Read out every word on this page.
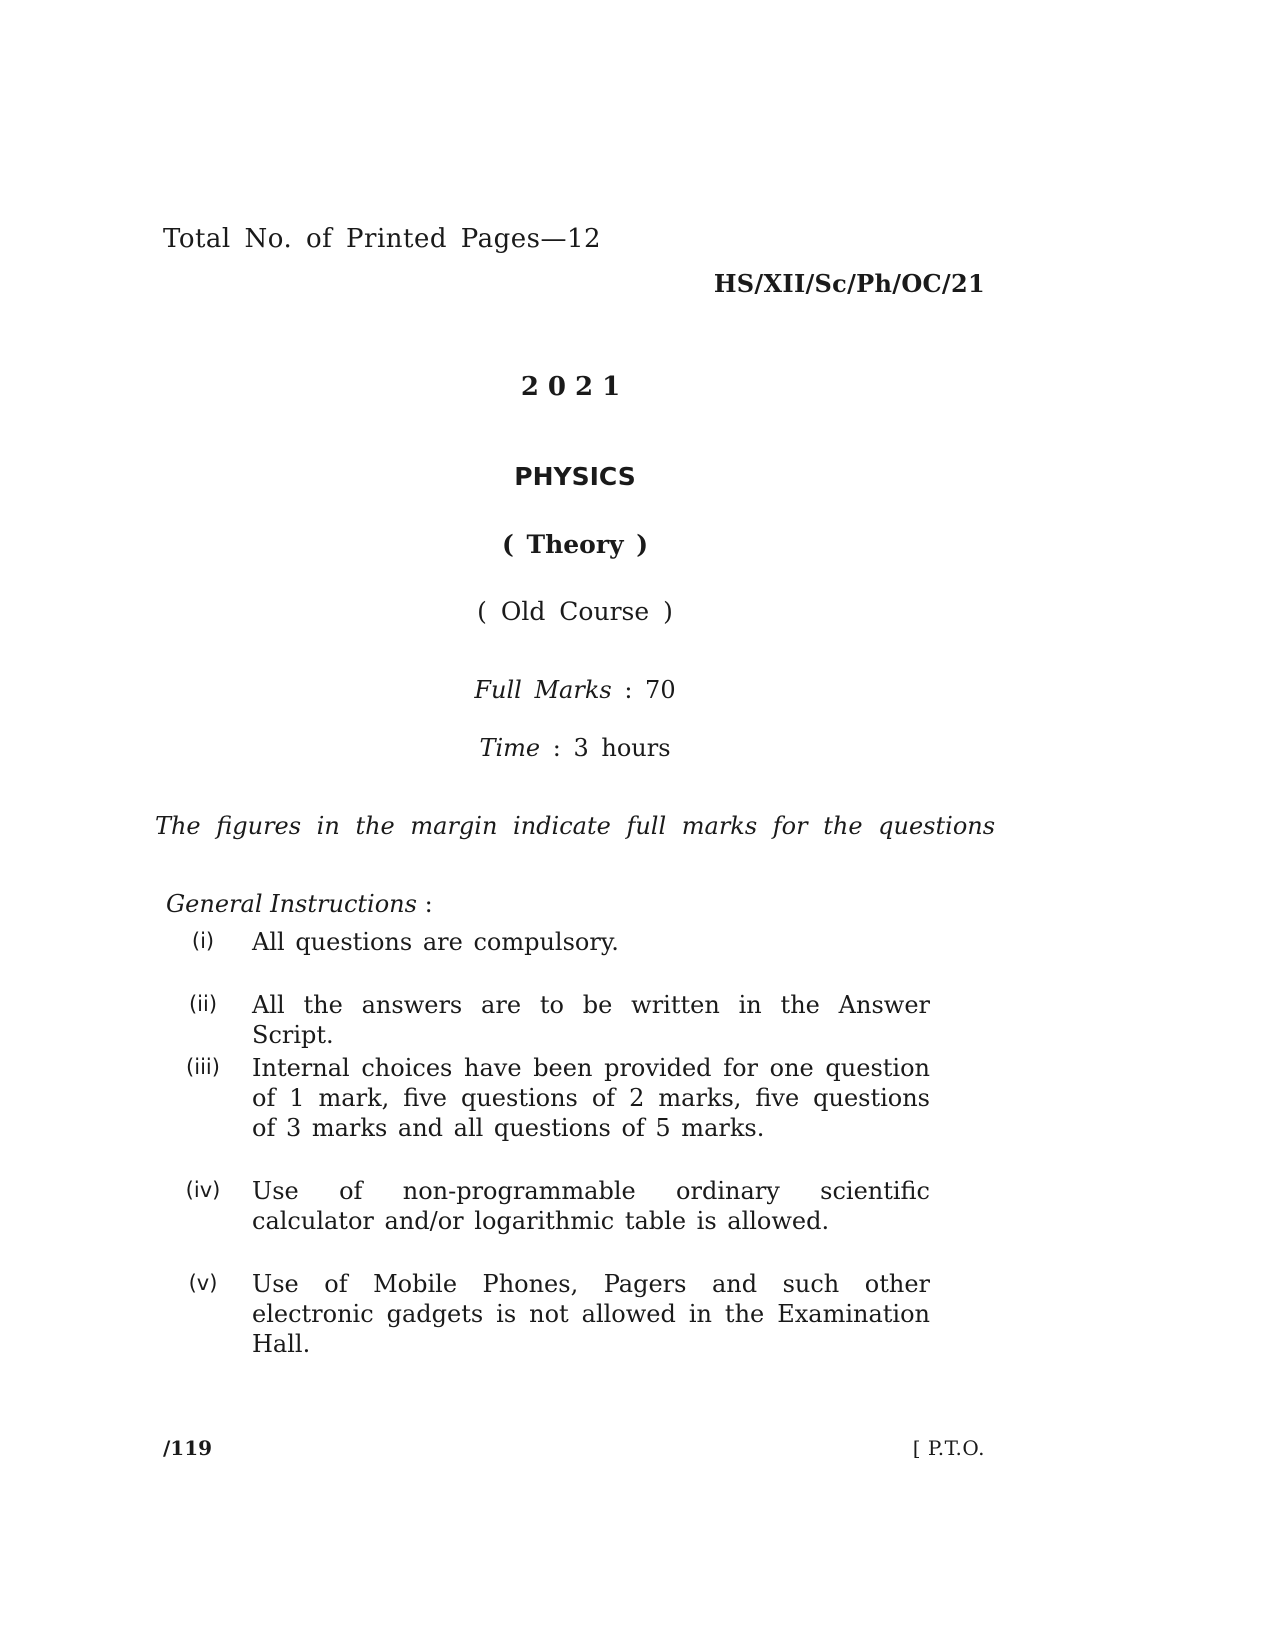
Total No. of Printed Pages—12
HS/XII/Sc/Ph/OC/21
2021
PHYSICS
( Theory )
( Old Course )
Full Marks : 70
Time : 3 hours
The figures in the margin indicate full marks for the questions
General Instructions :
(i)	All questions are compulsory.
(ii)	All the answers are to be written in the Answer Script.
(iii) Internal choices have been provided for one question of 1 mark, five questions of 2 marks, five questions of 3 marks and all questions of 5 marks.
(iv) Use of non-programmable ordinary scientific calculator and/or logarithmic table is allowed.
(v)	Use of Mobile Phones, Pagers and such other electronic gadgets is not allowed in the Examination Hall.
/119	[ P.T.O.
